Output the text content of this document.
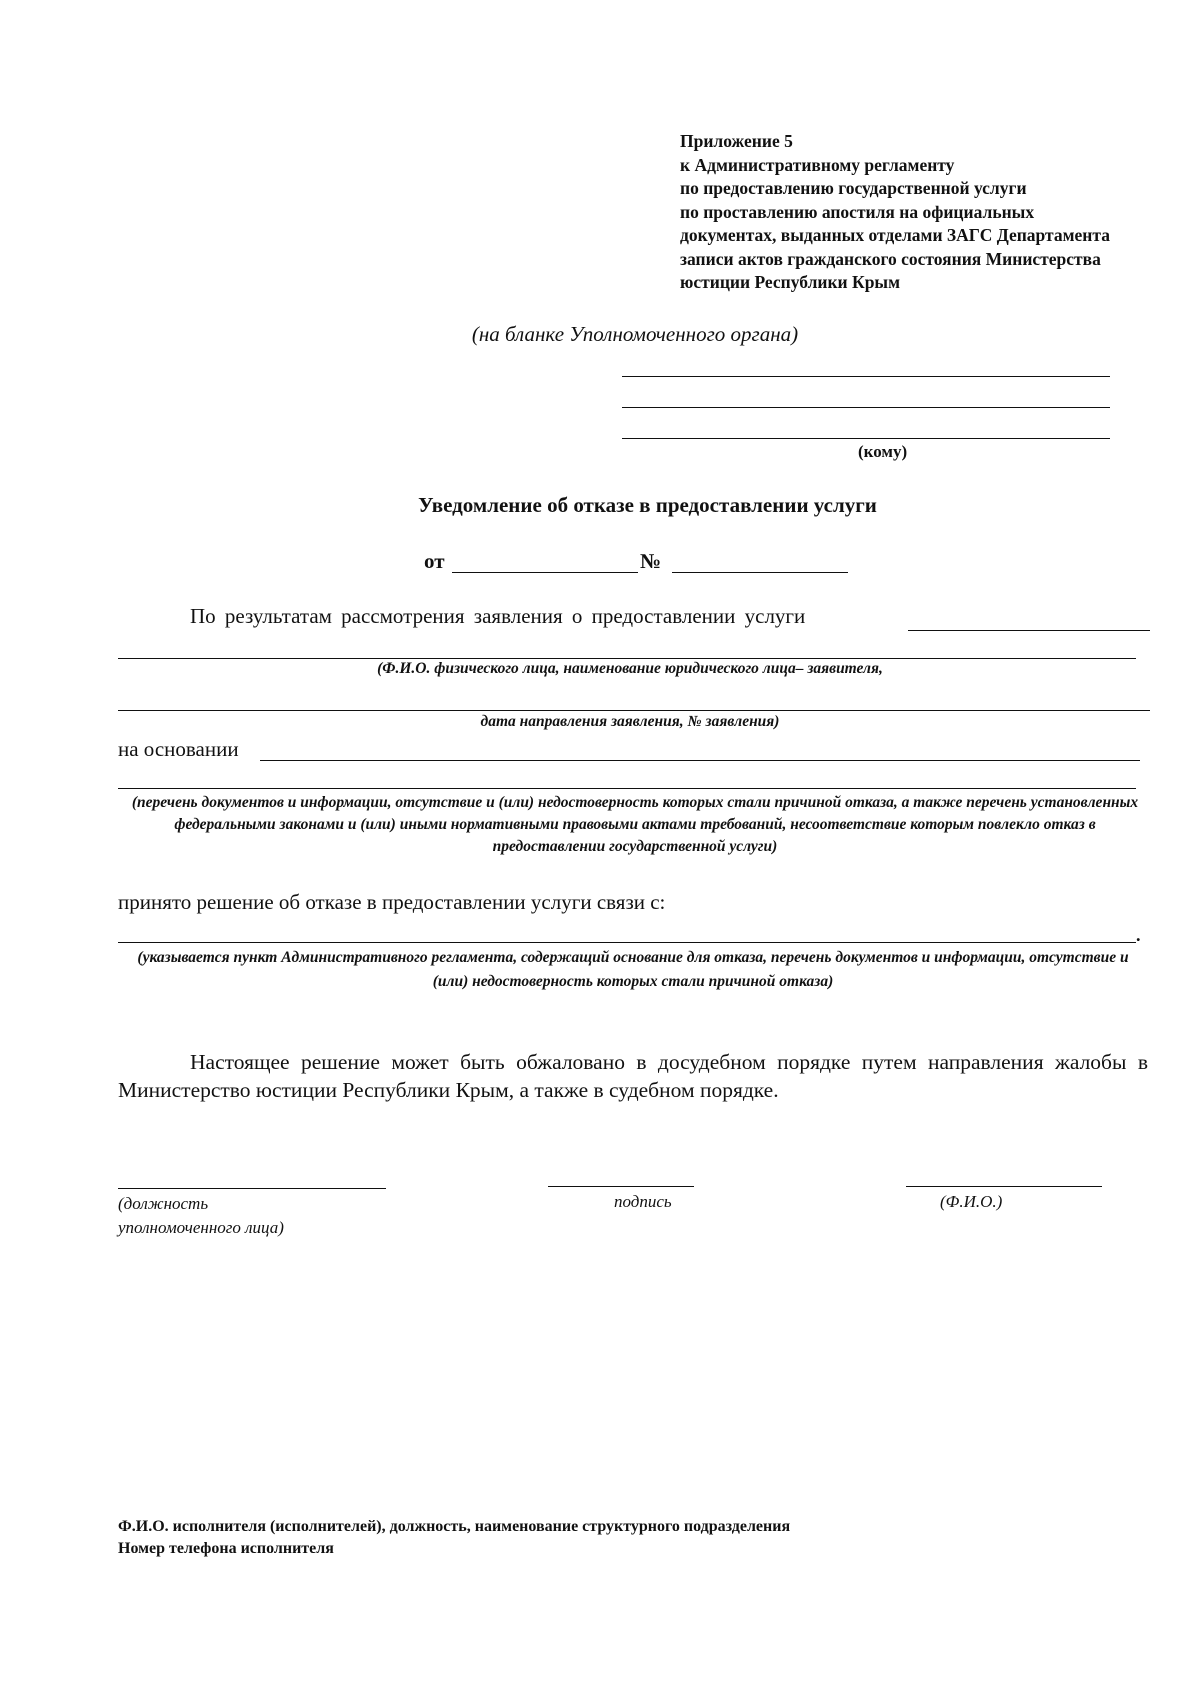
Приложение 5
к Административному регламенту
по предоставлению государственной услуги
по проставлению апостиля на официальных
документах, выданных отделами ЗАГС Департамента
записи актов гражданского состояния Министерства
юстиции Республики Крым
(на бланке Уполномоченного органа)
(кому)
Уведомление об отказе в предоставлении услуги
от	№
По результатам рассмотрения заявления о предоставлении услуги
(Ф.И.О. физического лица, наименование юридического лица– заявителя,
дата направления заявления, № заявления)
на основании
(перечень документов и информации, отсутствие и (или) недостоверность которых стали причиной отказа, а также перечень установленных федеральными законами и (или) иными нормативными правовыми актами требований, несоответствие которым повлекло отказ в предоставлении государственной услуги)
принято решение об отказе в предоставлении услуги связи с:
.
(указывается пункт Административного регламента, содержащий основание для отказа, перечень документов и информации, отсутствие и (или) недостоверность которых стали причиной отказа)
Настоящее решение может быть обжаловано в досудебном порядке путем направления жалобы в Министерство юстиции Республики Крым, а также в судебном порядке.
(должность
уполномоченного лица)
подпись	(Ф.И.О.)
Ф.И.О. исполнителя (исполнителей), должность, наименование структурного подразделения
Номер телефона исполнителя
